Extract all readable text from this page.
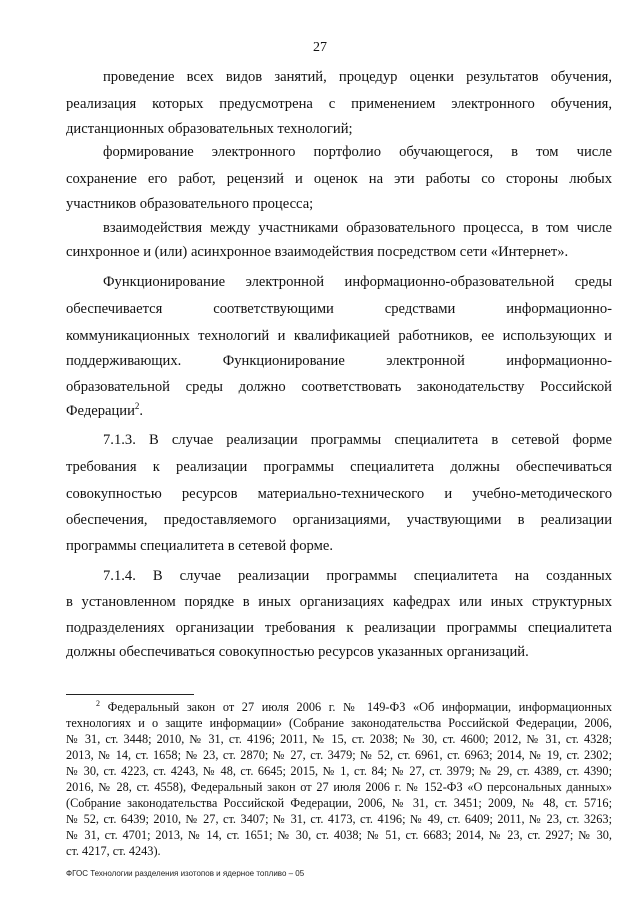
27
проведение всех видов занятий, процедур оценки результатов обучения,
реализация которых предусмотрена с применением электронного обучения,
дистанционных образовательных технологий;
формирование электронного портфолио обучающегося, в том числе
сохранение его работ, рецензий и оценок на эти работы со стороны любых
участников образовательного процесса;
взаимодействия между участниками образовательного процесса, в том числе
синхронное и (или) асинхронное взаимодействия посредством сети «Интернет».
Функционирование электронной информационно-образовательной среды
обеспечивается соответствующими средствами информационно-
коммуникационных технологий и квалификацией работников, ее использующих и
поддерживающих. Функционирование электронной информационно-
образовательной среды должно соответствовать законодательству Российской
Федерации$^2$.
7.1.3. В случае реализации программы специалитета в сетевой форме
требования к реализации программы специалитета должны обеспечиваться
совокупностью ресурсов материально-технического и учебно-методического
обеспечения, предоставляемого организациями, участвующими в реализации
программы специалитета в сетевой форме.
7.1.4. В случае реализации программы специалитета на созданных
в установленном порядке в иных организациях кафедрах или иных структурных
подразделениях организации требования к реализации программы специалитета
должны обеспечиваться совокупностью ресурсов указанных организаций.
$^2$ Федеральный закон от 27 июля 2006 г. № 149-ФЗ «Об информации, информационных
технологиях и о защите информации» (Собрание законодательства Российской Федерации, 2006,
№ 31, ст. 3448; 2010, № 31, ст. 4196; 2011, № 15, ст. 2038; № 30, ст. 4600; 2012, № 31, ст. 4328;
2013, № 14, ст. 1658; № 23, ст. 2870; № 27, ст. 3479; № 52, ст. 6961, ст. 6963; 2014, № 19, ст. 2302;
№ 30, ст. 4223, ст. 4243, № 48, ст. 6645; 2015, № 1, ст. 84; № 27, ст. 3979; № 29, ст. 4389, ст. 4390;
2016, № 28, ст. 4558), Федеральный закон от 27 июля 2006 г. № 152-ФЗ «О персональных данных»
(Собрание законодательства Российской Федерации, 2006, № 31, ст. 3451; 2009, № 48, ст. 5716;
№ 52, ст. 6439; 2010, № 27, ст. 3407; № 31, ст. 4173, ст. 4196; № 49, ст. 6409; 2011, № 23, ст. 3263;
№ 31, ст. 4701; 2013, № 14, ст. 1651; № 30, ст. 4038; № 51, ст. 6683; 2014, № 23, ст. 2927; № 30,
ст. 4217, ст. 4243).
ФГОС Технологии разделения изотопов и ядерное топливо – 05
